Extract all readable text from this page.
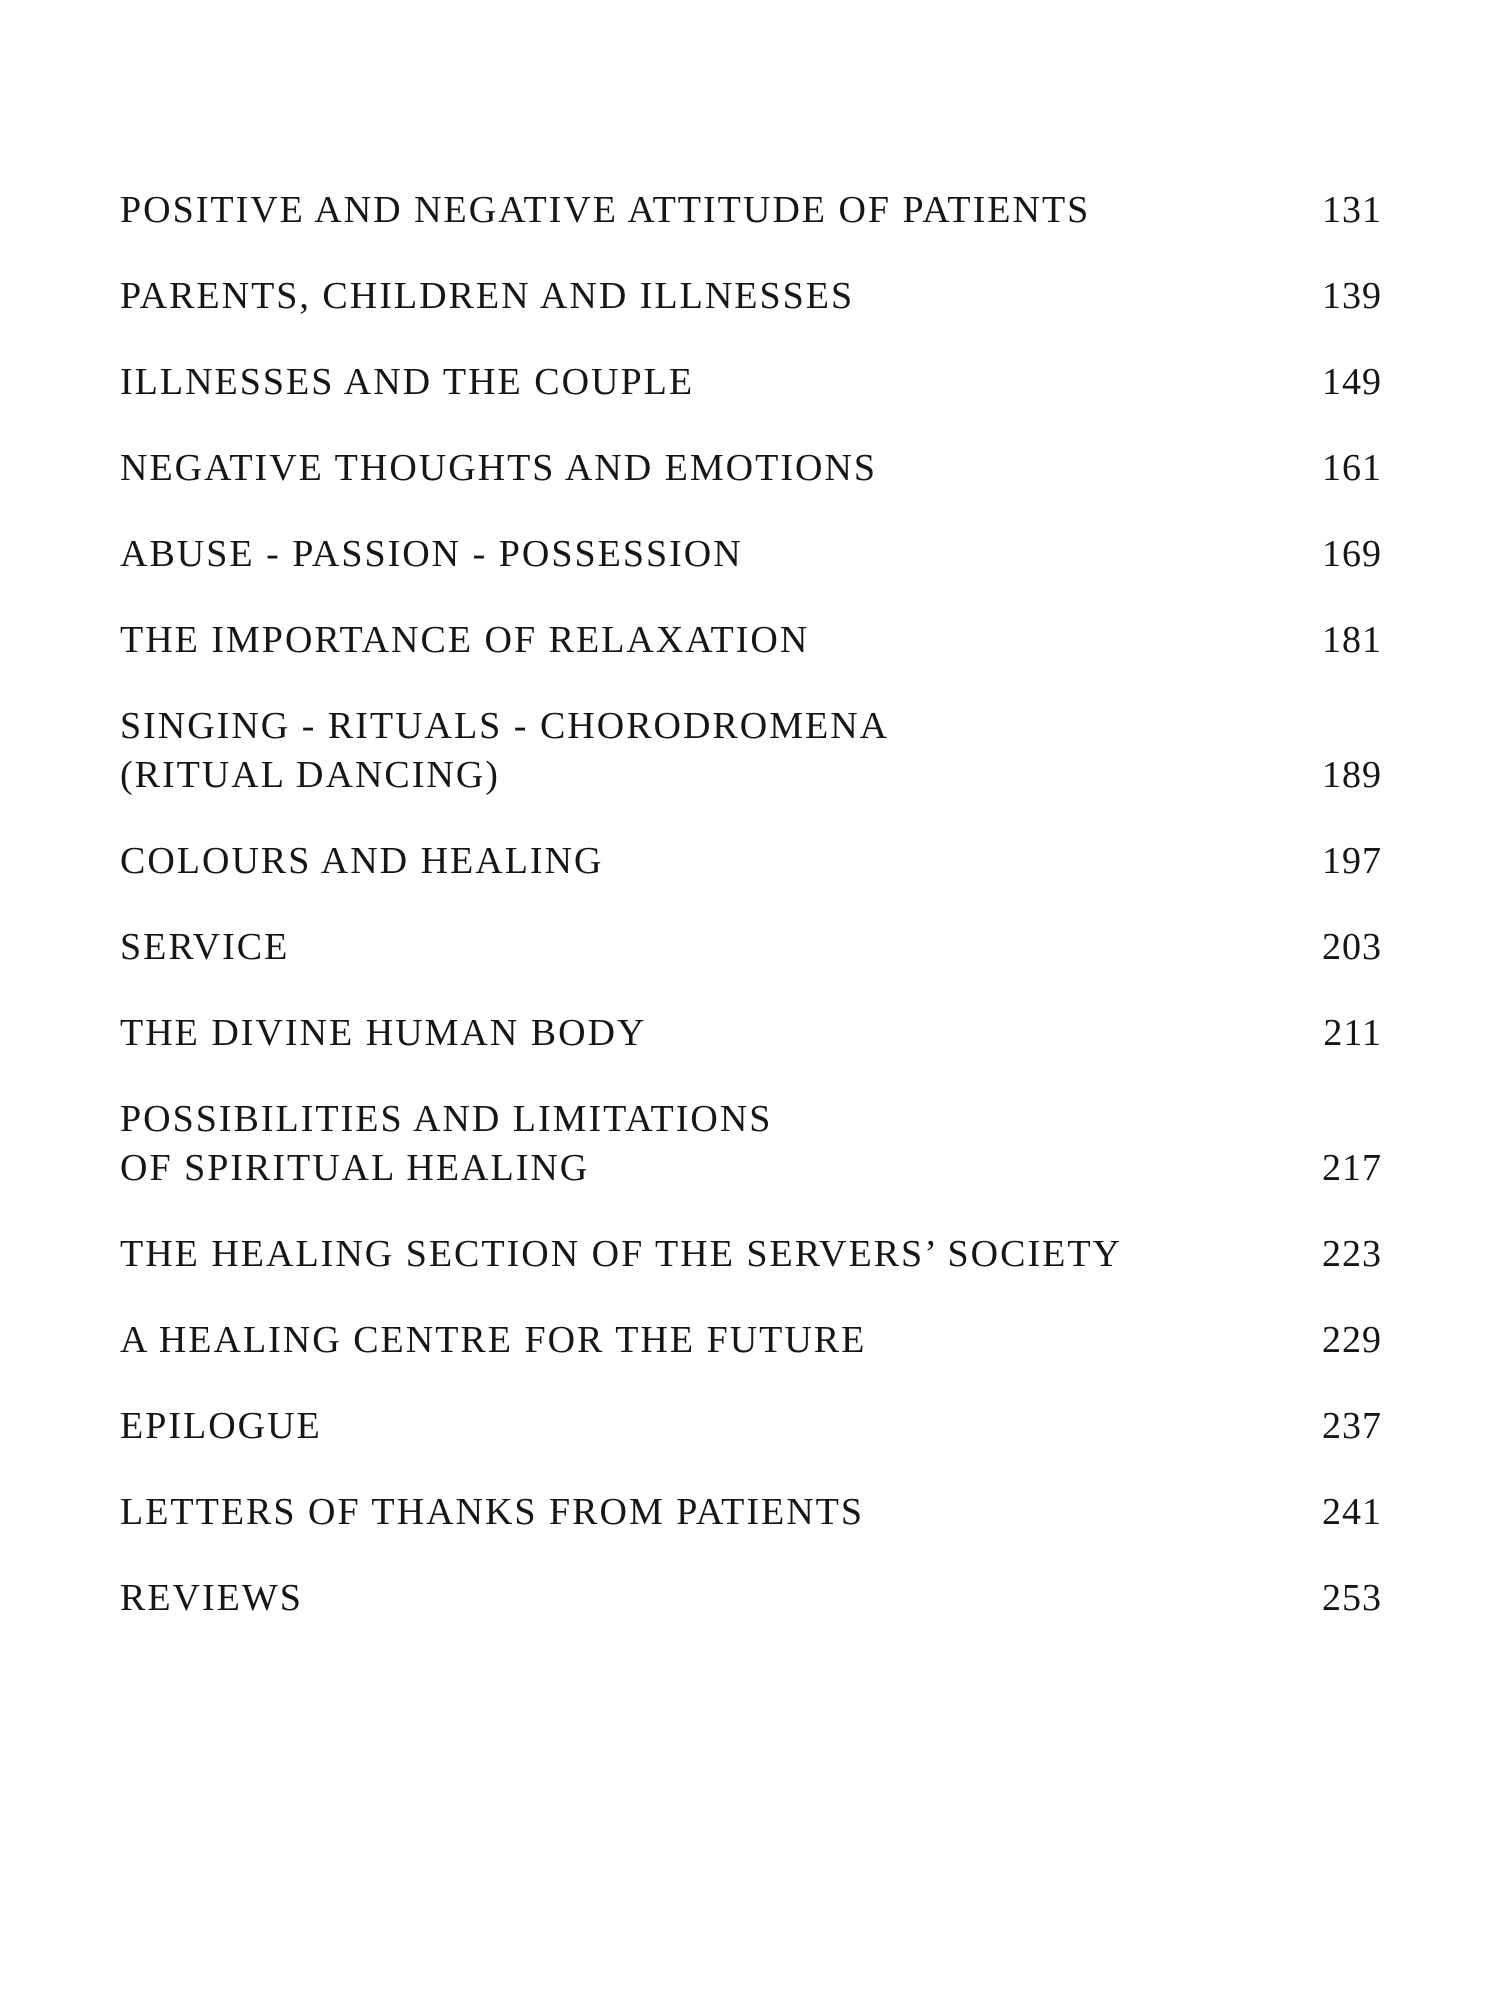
POSITIVE AND NEGATIVE ATTITUDE OF PATIENTS	131
PARENTS, CHILDREN AND ILLNESSES	139
ILLNESSES AND THE COUPLE	149
NEGATIVE THOUGHTS AND EMOTIONS	161
ABUSE - PASSION - POSSESSION	169
THE IMPORTANCE OF RELAXATION	181
SINGING - RITUALS - CHORODROMENA
(RITUAL DANCING)	189
COLOURS AND HEALING	197
SERVICE	203
THE DIVINE HUMAN BODY	211
POSSIBILITIES AND LIMITATIONS
OF SPIRITUAL HEALING	217
THE HEALING SECTION OF THE SERVERS’ SOCIETY	223
A HEALING CENTRE FOR THE FUTURE	229
EPILOGUE	237
LETTERS OF THANKS FROM PATIENTS	241
REVIEWS	253
